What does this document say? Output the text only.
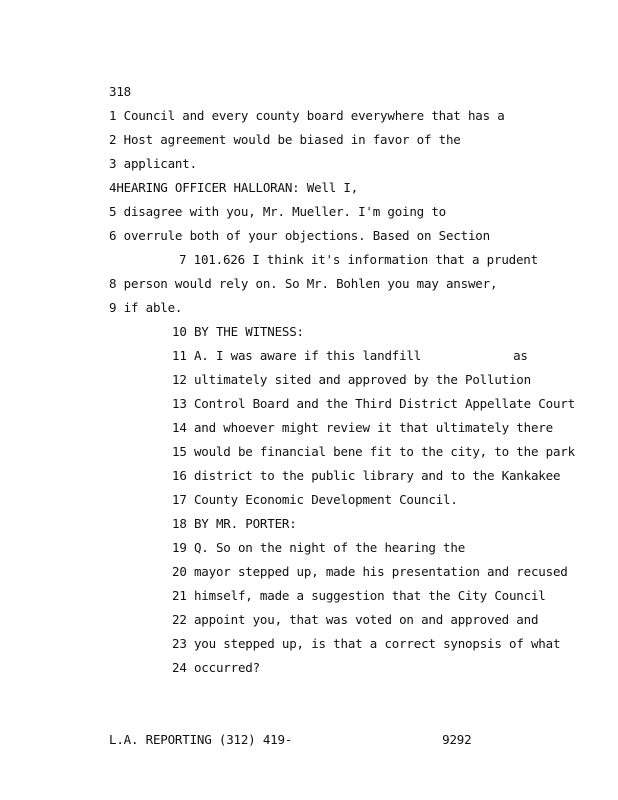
318
1 Council and every county board everywhere that has a
2 Host agreement would be biased in favor of the
3 applicant.
4HEARING OFFICER HALLORAN: Well I,
5 disagree with you, Mr. Mueller. I'm going to
6 overrule both of your objections. Based on Section
7 101.626 I think it's information that a prudent
8 person would rely on. So Mr. Bohlen you may answer,
9 if able.
10 BY THE WITNESS:
11 A. I was aware if this landfill	as
12 ultimately sited and approved by the Pollution
13 Control Board and the Third District Appellate Court
14 and whoever might review it that ultimately there
15 would be financial bene fit to the city, to the park
16 district to the public library and to the Kankakee
17 County Economic Development Council.
18 BY MR. PORTER:
19 Q. So on the night of the hearing the
20 mayor stepped up, made his presentation and recused
21 himself, made a suggestion that the City Council
22 appoint you, that was voted on and approved and
23 you stepped up, is that a correct synopsis of what
24 occurred?
L.A. REPORTING (312) 419-	9292
